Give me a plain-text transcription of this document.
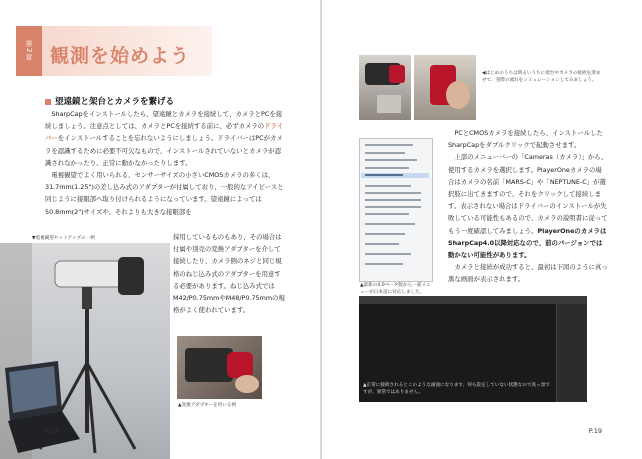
第2章 観測を始めよう
望遠鏡と架台とカメラを繋げる

SharpCapをインストールしたら、望遠鏡とカメラを接続して、カメラとPCを接続しましょう。注意点としては、カメラとPCを接続する前に、必ずカメラのドライバーをインストールすることを忘れないようにしましょう。ドライバーはPCがカメラを認識するために必要不可欠なもので、インストールされていないとカメラが認識されなかったり、正常に動かなかったりします。

電視観望でよく用いられる、センサーサイズの小さいCMOSカメラの多くは、31.7mm(1.25")の差し込み式のアダプターが付属しており、一般的なアイピースと同じように接眼部へ取り付けられるようになっています。望遠鏡によっては50.8mm(2")サイズや、それよりも大きな接眼部を

採用しているものもあり、その場合は付属や別売の変換アダプターを介して接続したり、カメラ側のネジと同じ規格のねじ込み式のアダプターを用意する必要があります。ねじ込み式ではM42/P0.75mmやM48/P0.75mmの規格がよく使われています。

▼電視観望セットアップの一例
▲変換アダプターを用いる例
P.18
◀はじめのうちは明るいうちに架台やカメラの接続を済ませて、実際の流れをシミュレーションしてみましょう。

PCとCMOSカメラを接続したら、インストールしたSharpCapをダブルクリックで起動させます。

上部のメニューバーの「Cameras（カメラ）」から、使用するカメラを選択します。PlayerOneカメラの場合はカメラの名前「MARS-C」や「NEPTUNE-C」が選択肢に出てきますので、それをクリックして接続します。表示されない場合はドライバーのインストールが失敗している可能性もあるので、カメラの説明書に従ってもう一度確認してみましょう。PlayerOneのカメラはSharpCap4.0以降対応なので、前のバージョンでは動かない可能性があります。

カメラと接続が成功すると、最初は下図のように真っ黒な画面が表示されます。

▲最新の4.0ベータ版から一部メニューが日本語に対応しました。
▲正常に接続されるとこのような画面になります。何も設定していない状態なので真っ黒ですが、異常ではありません。
P.19
